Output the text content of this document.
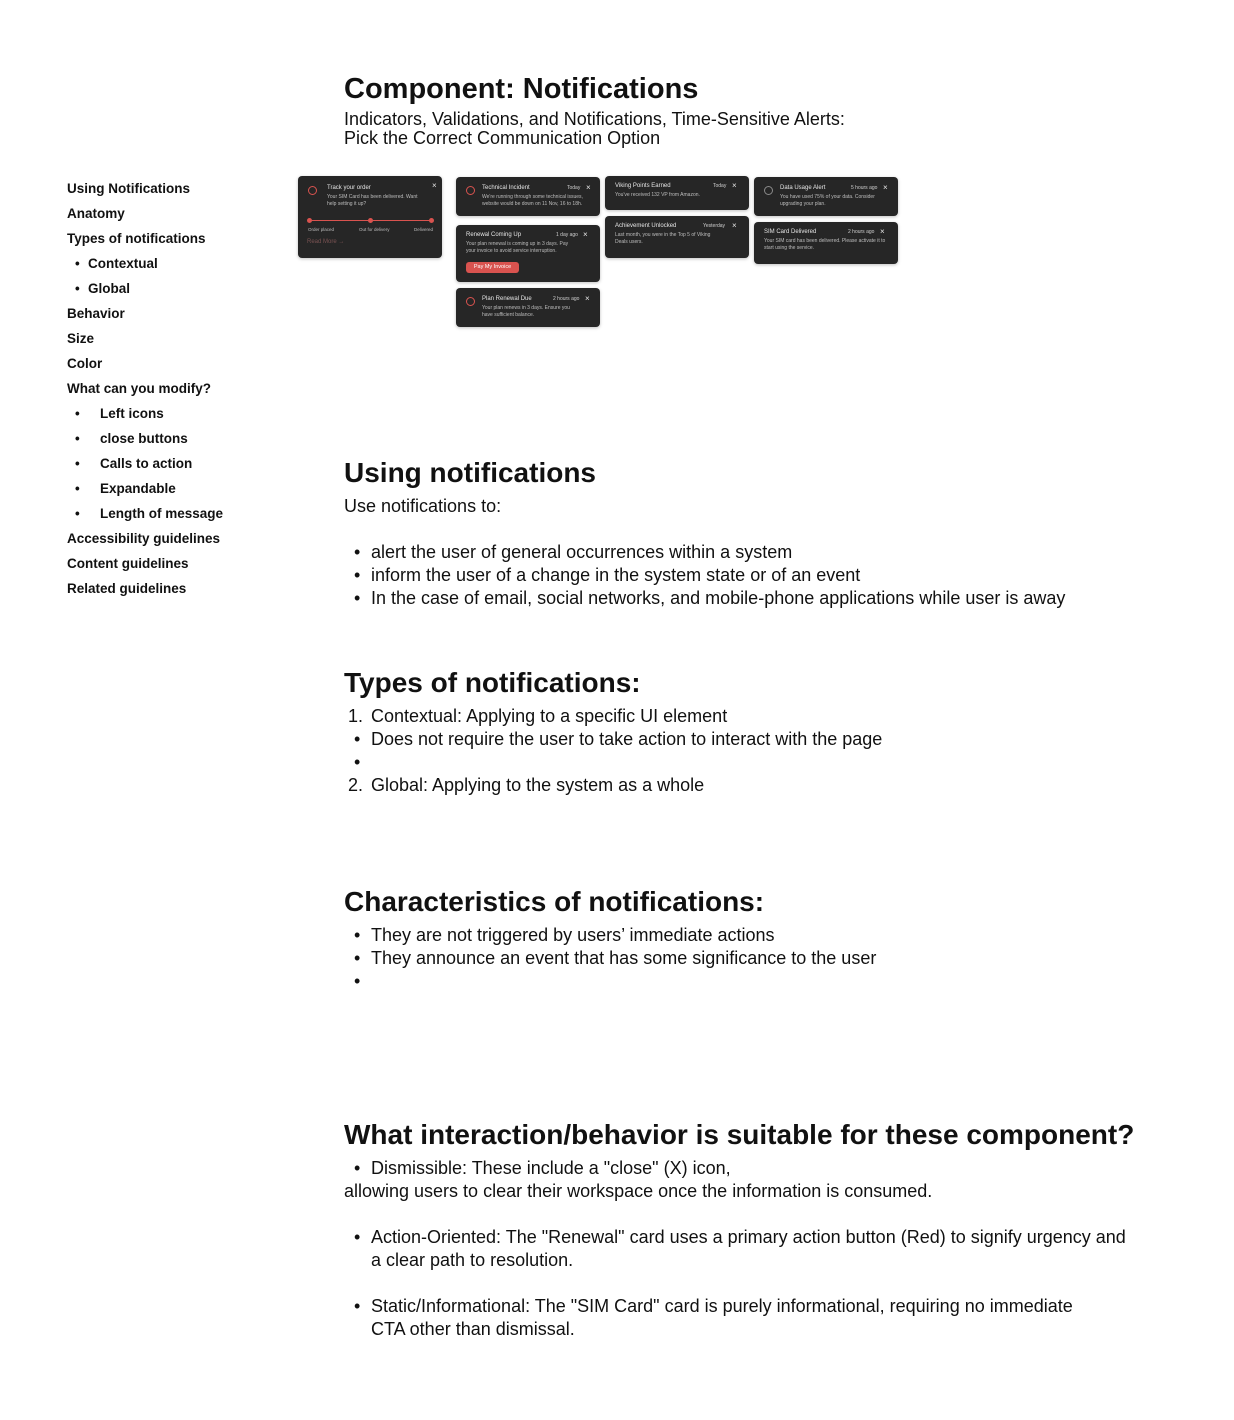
Using Notifications
Anatomy
Types of notifications
• Contextual
• Global
Behavior
Size
Color
What can you modify?
• Left icons
• close buttons
• Calls to action
• Expandable
• Length of message
Accessibility guidelines
Content guidelines
Related guidelines
Component: Notifications
Indicators, Validations, and Notifications, Time-Sensitive Alerts:
Pick the Correct Communication Option
Track your order	×
Your SIM Card has been delivered. Want help setting it up?
Order placed	Out for delivery	Delivered
Read More →
Technical Incident	Today ×
We're running through some technical issues, website would be down on 11 Nov, 16 to 18h.
Renewal Coming Up	1 day ago ×
Your plan renewal is coming up in 3 days. Pay your invoice to avoid service interruption.
Pay My Invoice
Plan Renewal Due	2 hours ago ×
Your plan renews in 3 days. Ensure you have sufficient balance.
Viking Points Earned	Today ×
You've received 132 VP from Amazon.
Achievement Unlocked	Yesterday ×
Last month, you were in the Top 5 of Viking Deals users.
Data Usage Alert	5 hours ago ×
You have used 75% of your data. Consider upgrading your plan.
SIM Card Delivered	2 hours ago ×
Your SIM card has been delivered. Please activate it to start using the service.
Using notifications
Use notifications to:
• alert the user of general occurrences within a system
• inform the user of a change in the system state or of an event
• In the case of email, social networks, and mobile-phone applications while user is away
Types of notifications:
1. Contextual: Applying to a specific UI element
• Does not require the user to take action to interact with the page
•
2. Global: Applying to the system as a whole
Characteristics of notifications:
• They are not triggered by users’ immediate actions
• They announce an event that has some significance to the user
•
What interaction/behavior is suitable for these component?
• Dismissible: These include a "close" (X) icon,
allowing users to clear their workspace once the information is consumed.
• Action-Oriented: The "Renewal" card uses a primary action button (Red) to signify urgency and a clear path to resolution.
• Static/Informational: The "SIM Card" card is purely informational, requiring no immediate CTA other than dismissal.
